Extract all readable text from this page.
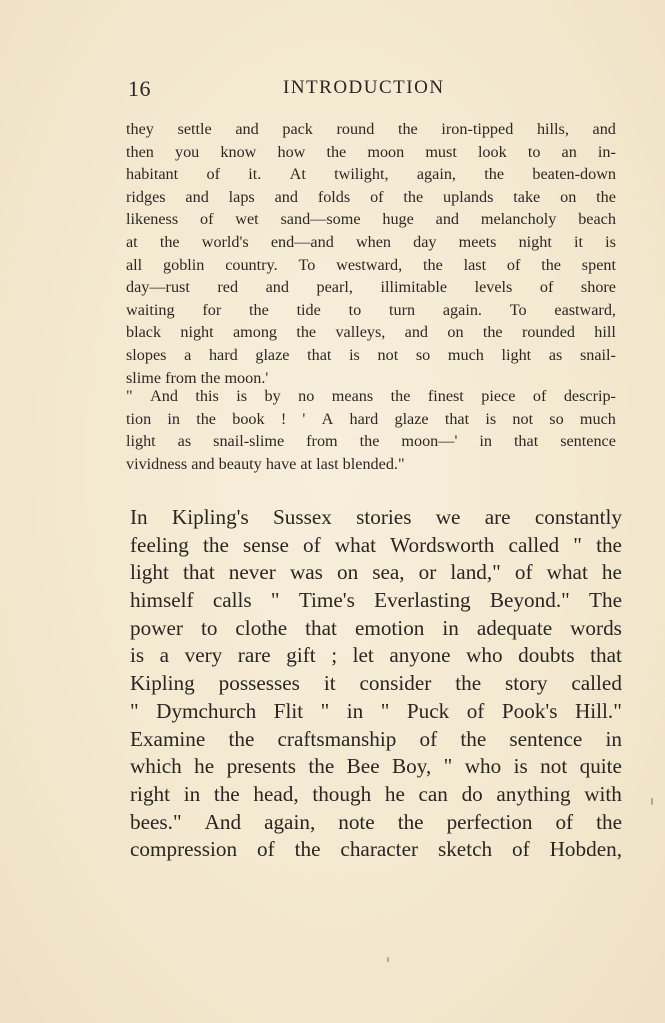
16	INTRODUCTION
they settle and pack round the iron-tipped hills, and
then you know how the moon must look to an in-
habitant of it. At twilight, again, the beaten-down
ridges and laps and folds of the uplands take on the
likeness of wet sand—some huge and melancholy beach
at the world's end—and when day meets night it is
all goblin country. To westward, the last of the spent
day—rust red and pearl, illimitable levels of shore
waiting for the tide to turn again. To eastward,
black night among the valleys, and on the rounded hill
slopes a hard glaze that is not so much light as snail-
slime from the moon.'
" And this is by no means the finest piece of descrip-
tion in the book ! ' A hard glaze that is not so much
light as snail-slime from the moon—' in that sentence
vividness and beauty have at last blended."
In Kipling's Sussex stories we are constantly
feeling the sense of what Wordsworth called " the
light that never was on sea, or land," of what he
himself calls " Time's Everlasting Beyond." The
power to clothe that emotion in adequate words
is a very rare gift ; let anyone who doubts that
Kipling possesses it consider the story called
" Dymchurch Flit " in " Puck of Pook's Hill."
Examine the craftsmanship of the sentence in
which he presents the Bee Boy, " who is not quite
right in the head, though he can do anything with
bees." And again, note the perfection of the
compression of the character sketch of Hobden,
